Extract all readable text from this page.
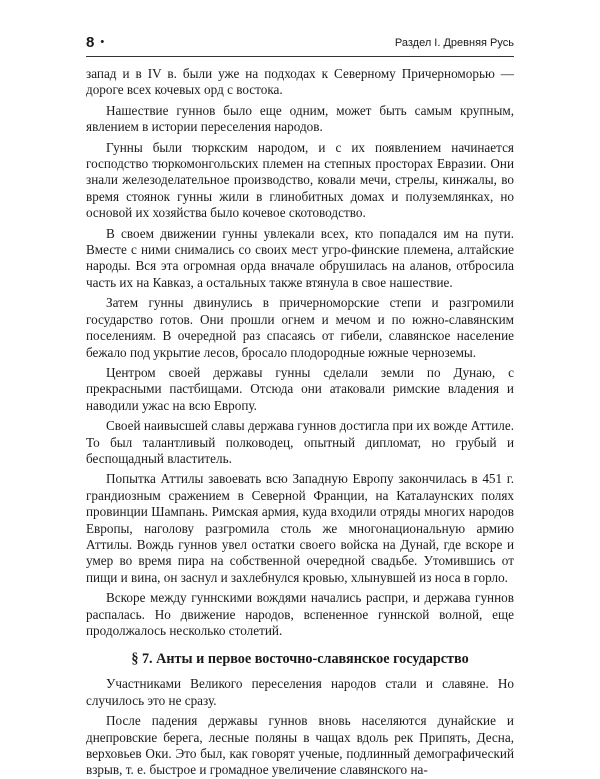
8 •	Раздел I. Древняя Русь

запад и в IV в. были уже на подходах к Северному Причерноморью — дороге всех кочевых орд с востока.

Нашествие гуннов было еще одним, может быть самым крупным, явлением в истории переселения народов.

Гунны были тюркским народом, и с их появлением начинается господство тюркомонгольских племен на степных просторах Евразии. Они знали железоделательное производство, ковали мечи, стрелы, кинжалы, во время стоянок гунны жили в глинобитных домах и полуземлянках, но основой их хозяйства было кочевое скотоводство.

В своем движении гунны увлекали всех, кто попадался им на пути. Вместе с ними снимались со своих мест угро-финские племена, алтайские народы. Вся эта огромная орда вначале обрушилась на аланов, отбросила часть их на Кавказ, а остальных также втянула в свое нашествие.

Затем гунны двинулись в причерноморские степи и разгромили государство готов. Они прошли огнем и мечом и по южно-славянским поселениям. В очередной раз спасаясь от гибели, славянское население бежало под укрытие лесов, бросало плодородные южные черноземы.

Центром своей державы гунны сделали земли по Дунаю, с прекрасными пастбищами. Отсюда они атаковали римские владения и наводили ужас на всю Европу.

Своей наивысшей славы держава гуннов достигла при их вожде Аттиле. То был талантливый полководец, опытный дипломат, но грубый и беспощадный властитель.

Попытка Аттилы завоевать всю Западную Европу закончилась в 451 г. грандиозным сражением в Северной Франции, на Каталаунских полях провинции Шампань. Римская армия, куда входили отряды многих народов Европы, наголову разгромила столь же многонациональную армию Аттилы. Вождь гуннов увел остатки своего войска на Дунай, где вскоре и умер во время пира на собственной очередной свадьбе. Утомившись от пищи и вина, он заснул и захлебнулся кровью, хлынувшей из носа в горло.

Вскоре между гуннскими вождями начались распри, и держава гуннов распалась. Но движение народов, вспененное гуннской волной, еще продолжалось несколько столетий.

§ 7. Анты и первое восточно-славянское государство

Участниками Великого переселения народов стали и славяне. Но случилось это не сразу.

После падения державы гуннов вновь населяются дунайские и днепровские берега, лесные поляны в чащах вдоль рек Припять, Десна, верховьев Оки. Это был, как говорят ученые, подлинный демографический взрыв, т. е. быстрое и громадное увеличение славянского на-
